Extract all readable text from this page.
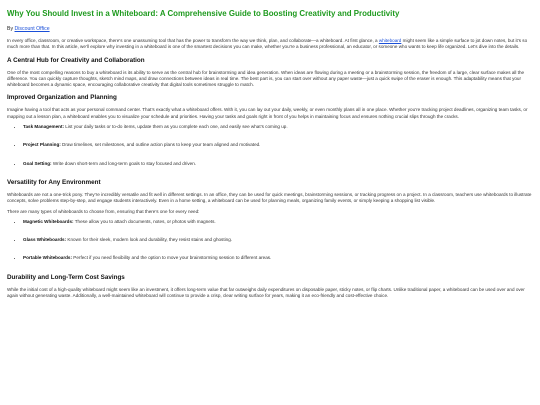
Why You Should Invest in a Whiteboard: A Comprehensive Guide to Boosting Creativity and Productivity
By Discount Office

In every office, classroom, or creative workspace, there’s one unassuming tool that has the power to transform the way we think, plan, and collaborate—a whiteboard. At first glance, a whiteboard might seem like a simple surface to jot down notes, but it’s so much more than that. In this article, we’ll explore why investing in a whiteboard is one of the smartest decisions you can make, whether you’re a business professional, an educator, or someone who wants to keep life organized. Let’s dive into the details.

A Central Hub for Creativity and Collaboration

One of the most compelling reasons to buy a whiteboard is its ability to serve as the central hub for brainstorming and idea generation. When ideas are flowing during a meeting or a brainstorming session, the freedom of a large, clear surface makes all the difference. You can quickly capture thoughts, sketch mind maps, and draw connections between ideas in real time. The best part is, you can start over without any paper waste—just a quick swipe of the eraser is enough. This adaptability means that your whiteboard becomes a dynamic space, encouraging collaborative creativity that digital tools sometimes struggle to match.

Improved Organization and Planning

Imagine having a tool that acts as your personal command center. That’s exactly what a whiteboard offers. With it, you can lay out your daily, weekly, or even monthly plans all in one place. Whether you’re tracking project deadlines, organizing team tasks, or mapping out a lesson plan, a whiteboard enables you to visualize your schedule and priorities. Having your tasks and goals right in front of you helps in maintaining focus and ensures nothing crucial slips through the cracks.

• Task Management: List your daily tasks or to-do items, update them as you complete each one, and easily see what’s coming up.
• Project Planning: Draw timelines, set milestones, and outline action plans to keep your team aligned and motivated.
• Goal Setting: Write down short-term and long-term goals to stay focused and driven.
Versatility for Any Environment

Whiteboards are not a one-trick pony. They’re incredibly versatile and fit well in different settings. In an office, they can be used for quick meetings, brainstorming sessions, or tracking progress on a project. In a classroom, teachers use whiteboards to illustrate concepts, solve problems step-by-step, and engage students interactively. Even in a home setting, a whiteboard can be used for planning meals, organizing family events, or simply keeping a shopping list visible.

There are many types of whiteboards to choose from, ensuring that there’s one for every need:

• Magnetic Whiteboards: These allow you to attach documents, notes, or photos with magnets.
• Glass Whiteboards: Known for their sleek, modern look and durability, they resist stains and ghosting.
• Portable Whiteboards: Perfect if you need flexibility and the option to move your brainstorming session to different areas.
Durability and Long-Term Cost Savings

While the initial cost of a high-quality whiteboard might seem like an investment, it offers long-term value that far outweighs daily expenditures on disposable paper, sticky notes, or flip charts. Unlike traditional paper, a whiteboard can be used over and over again without generating waste. Additionally, a well-maintained whiteboard will continue to provide a crisp, clear writing surface for years, making it an eco-friendly and cost-effective choice.
